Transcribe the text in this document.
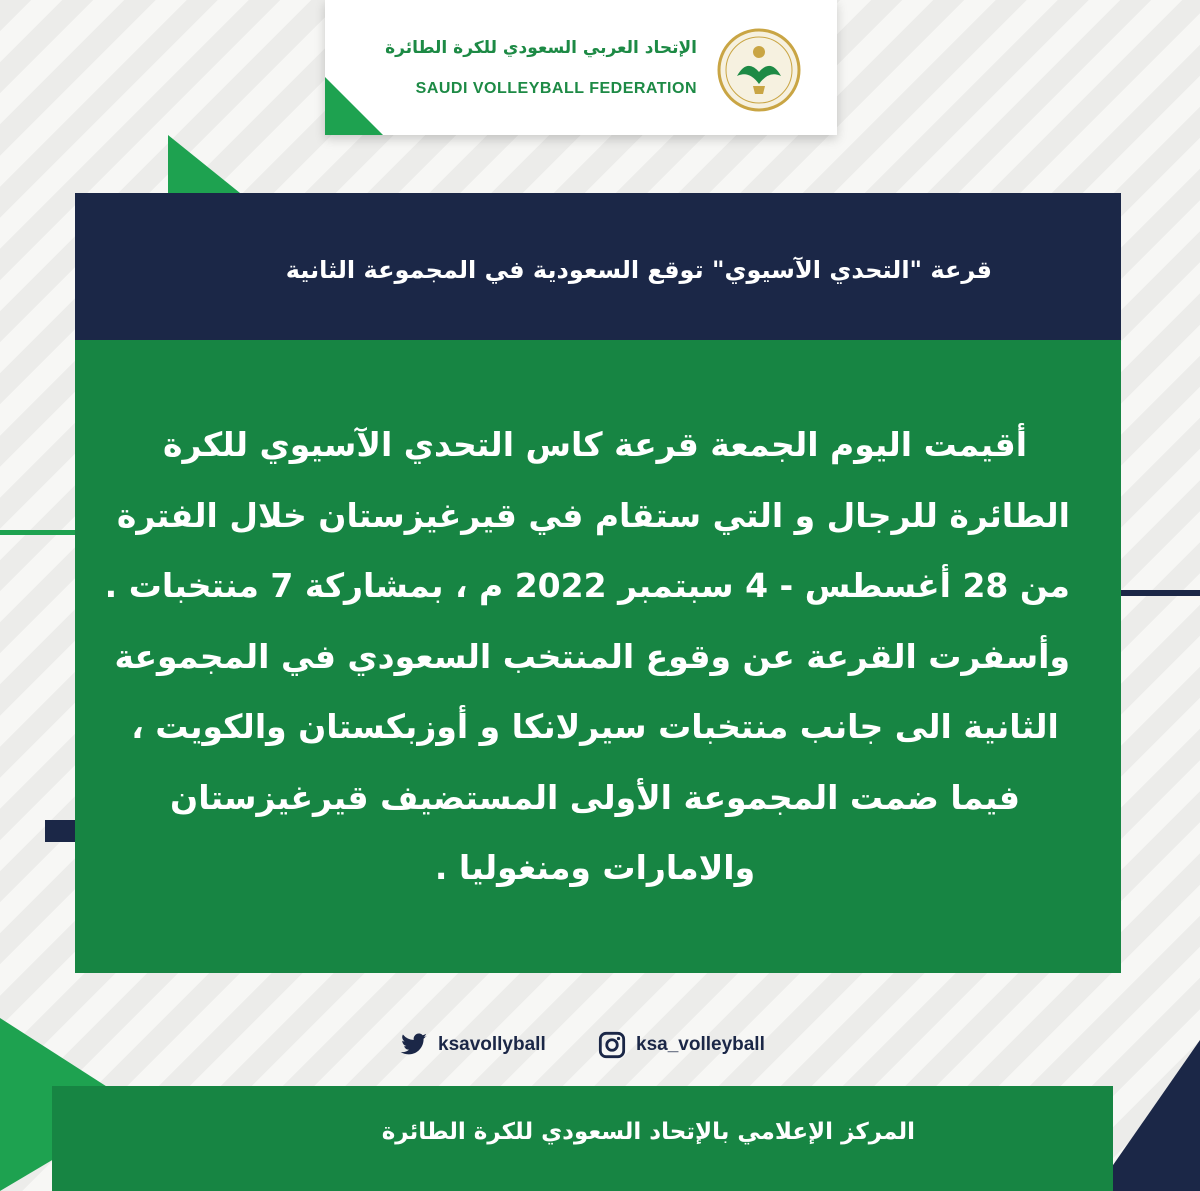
الإتحاد العربي السعودي للكرة الطائرة
SAUDI VOLLEYBALL FEDERATION
قرعة "التحدي الآسيوي" توقع السعودية في المجموعة الثانية
أقيمت اليوم الجمعة قرعة كاس التحدي الآسيوي للكرة
الطائرة للرجال و التي ستقام في قيرغيزستان خلال الفترة
من 28 أغسطس - 4 سبتمبر 2022 م ، بمشاركة 7 منتخبات .
وأسفرت القرعة عن وقوع المنتخب السعودي في المجموعة
الثانية الى جانب منتخبات سيرلانكا و أوزبكستان والكويت ،
فيما ضمت المجموعة الأولى المستضيف قيرغيزستان
والامارات ومنغوليا .
ksavollyball	ksa_volleyball
المركز الإعلامي بالإتحاد السعودي للكرة الطائرة
